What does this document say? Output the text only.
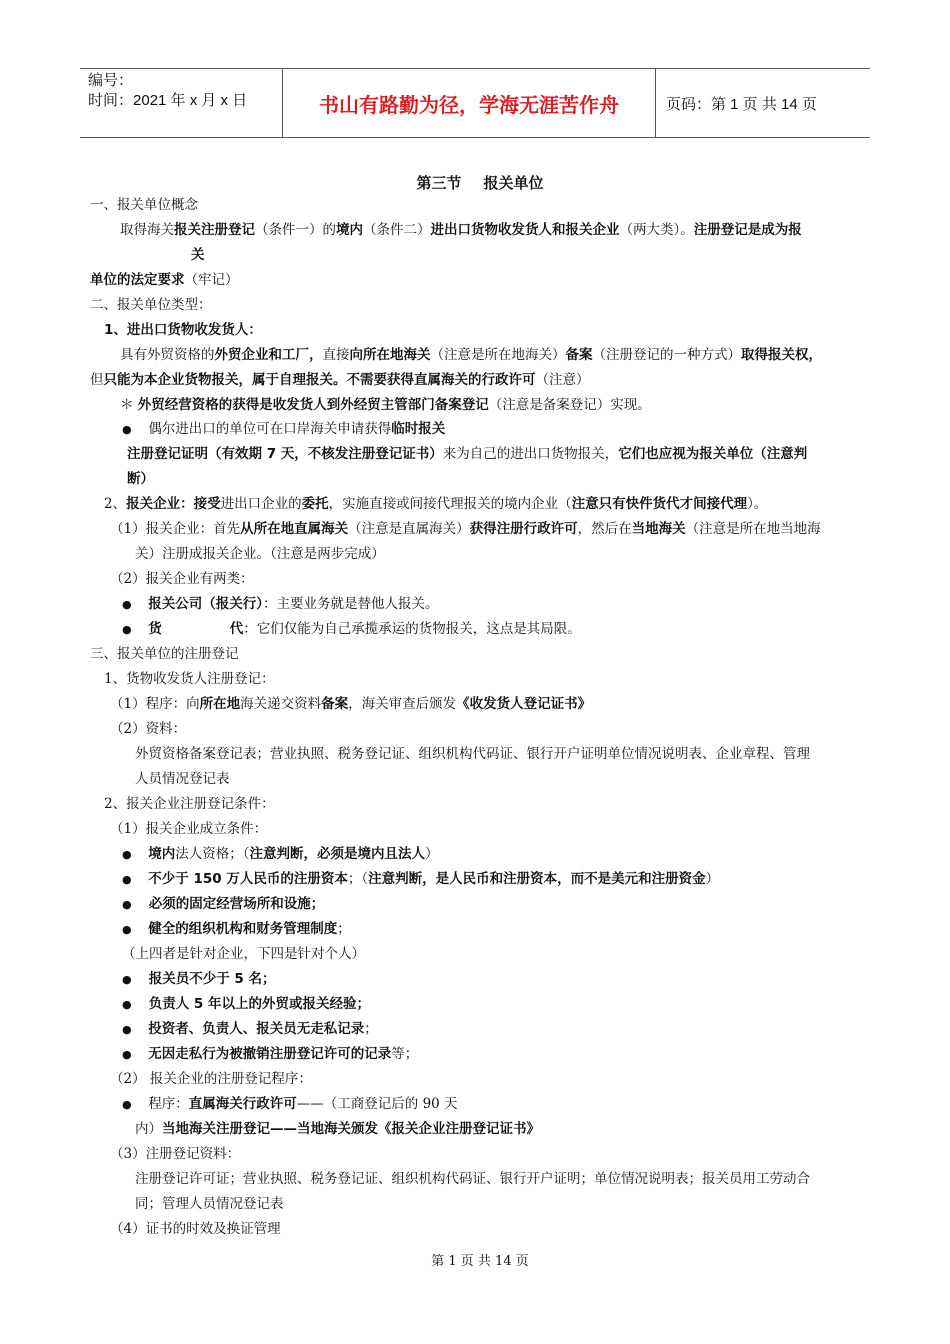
编号：
时间：2021 年 x 月 x 日	书山有路勤为径，学海无涯苦作舟	页码：第 1 页 共 14 页
第三节 报关单位
一、报关单位概念
取得海关报关注册登记（条件一）的境内（条件二）进出口货物收发货人和报关企业（两大类）。注册登记是成为报
关
单位的法定要求（牢记）
二、报关单位类型：
1、进出口货物收发货人：
具有外贸资格的外贸企业和工厂，直接向所在地海关（注意是所在地海关）备案（注册登记的一种方式）取得报关权，
但只能为本企业货物报关，属于自理报关。不需要获得直属海关的行政许可（注意）
＊ 外贸经营资格的获得是收发货人到外经贸主管部门备案登记（注意是备案登记）实现。
● 偶尔进出口的单位可在口岸海关申请获得临时报关
注册登记证明（有效期 7 天，不核发注册登记证书）来为自己的进出口货物报关，它们也应视为报关单位（注意判
断）
2、报关企业：接受进出口企业的委托，实施直接或间接代理报关的境内企业（注意只有快件货代才间接代理）。
（1）报关企业：首先从所在地直属海关（注意是直属海关）获得注册行政许可，然后在当地海关（注意是所在地当地海
关）注册成报关企业。（注意是两步完成）
（2）报关企业有两类：
● 报关公司（报关行）：主要业务就是替他人报关。
● 货	代：它们仅能为自己承揽承运的货物报关，这点是其局限。
三、报关单位的注册登记
1、货物收发货人注册登记：
（1）程序：向所在地海关递交资料备案，海关审查后颁发《收发货人登记证书》
（2）资料：
外贸资格备案登记表；营业执照、税务登记证、组织机构代码证、银行开户证明单位情况说明表、企业章程、管理
人员情况登记表
2、报关企业注册登记条件：
（1）报关企业成立条件：
● 境内法人资格；（注意判断，必须是境内且法人）
● 不少于 150 万人民币的注册资本；（注意判断，是人民币和注册资本，而不是美元和注册资金）
● 必须的固定经营场所和设施；
● 健全的组织机构和财务管理制度；
（上四者是针对企业，下四是针对个人）
● 报关员不少于 5 名；
● 负责人 5 年以上的外贸或报关经验；
● 投资者、负责人、报关员无走私记录；
● 无因走私行为被撤销注册登记许可的记录等；
（2） 报关企业的注册登记程序：
● 程序：直属海关行政许可——（工商登记后的 90 天
内）当地海关注册登记——当地海关颁发《报关企业注册登记证书》
（3）注册登记资料：
注册登记许可证；营业执照、税务登记证、组织机构代码证、银行开户证明；单位情况说明表；报关员用工劳动合
同；管理人员情况登记表
（4）证书的时效及换证管理
第 1 页 共 14 页
